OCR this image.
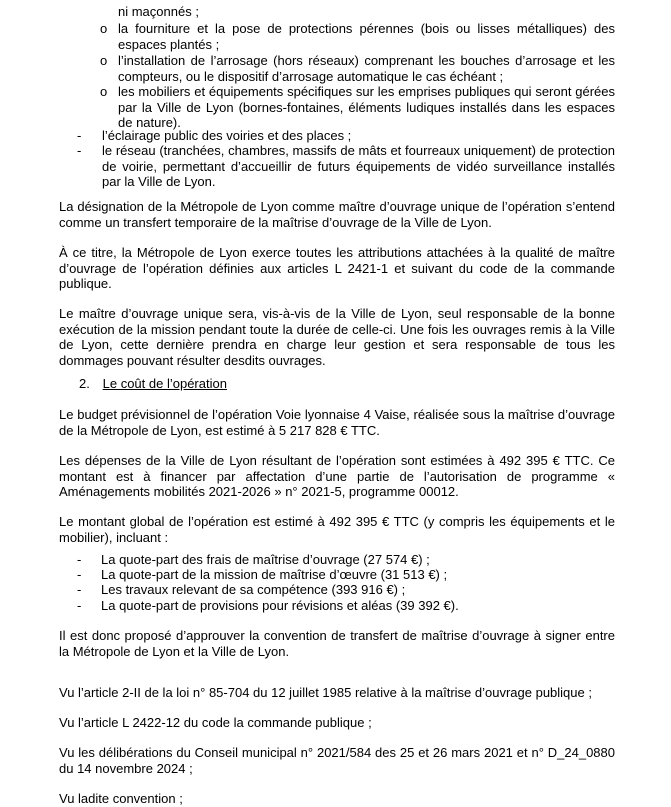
ni maçonnés ;
o la fourniture et la pose de protections pérennes (bois ou lisses métalliques) des espaces plantés ;
o l’installation de l’arrosage (hors réseaux) comprenant les bouches d’arrosage et les compteurs, ou le dispositif d’arrosage automatique le cas échéant ;
o les mobiliers et équipements spécifiques sur les emprises publiques qui seront gérées par la Ville de Lyon (bornes-fontaines, éléments ludiques installés dans les espaces de nature).
- l’éclairage public des voiries et des places ;
- le réseau (tranchées, chambres, massifs de mâts et fourreaux uniquement) de protection de voirie, permettant d’accueillir de futurs équipements de vidéo surveillance installés par la Ville de Lyon.

La désignation de la Métropole de Lyon comme maître d’ouvrage unique de l’opération s’entend comme un transfert temporaire de la maîtrise d’ouvrage de la Ville de Lyon.

À ce titre, la Métropole de Lyon exerce toutes les attributions attachées à la qualité de maître d’ouvrage de l’opération définies aux articles L 2421-1 et suivant du code de la commande publique.

Le maître d’ouvrage unique sera, vis-à-vis de la Ville de Lyon, seul responsable de la bonne exécution de la mission pendant toute la durée de celle-ci. Une fois les ouvrages remis à la Ville de Lyon, cette dernière prendra en charge leur gestion et sera responsable de tous les dommages pouvant résulter desdits ouvrages.

2. Le coût de l’opération

Le budget prévisionnel de l’opération Voie lyonnaise 4 Vaise, réalisée sous la maîtrise d’ouvrage de la Métropole de Lyon, est estimé à 5 217 828 € TTC.

Les dépenses de la Ville de Lyon résultant de l’opération sont estimées à 492 395 € TTC. Ce montant est à financer par affectation d’une partie de l’autorisation de programme « Aménagements mobilités 2021-2026 » n° 2021-5, programme 00012.

Le montant global de l’opération est estimé à 492 395 € TTC (y compris les équipements et le mobilier), incluant :

- La quote-part des frais de maîtrise d’ouvrage (27 574 €) ;
- La quote-part de la mission de maîtrise d’œuvre (31 513 €) ;
- Les travaux relevant de sa compétence (393 916 €) ;
- La quote-part de provisions pour révisions et aléas (39 392 €).

Il est donc proposé d’approuver la convention de transfert de maîtrise d’ouvrage à signer entre la Métropole de Lyon et la Ville de Lyon.

Vu l’article 2-II de la loi n° 85-704 du 12 juillet 1985 relative à la maîtrise d’ouvrage publique ;

Vu l’article L 2422-12 du code la commande publique ;

Vu les délibérations du Conseil municipal n° 2021/584 des 25 et 26 mars 2021 et n° D_24_0880 du 14 novembre 2024 ;

Vu ladite convention ;
